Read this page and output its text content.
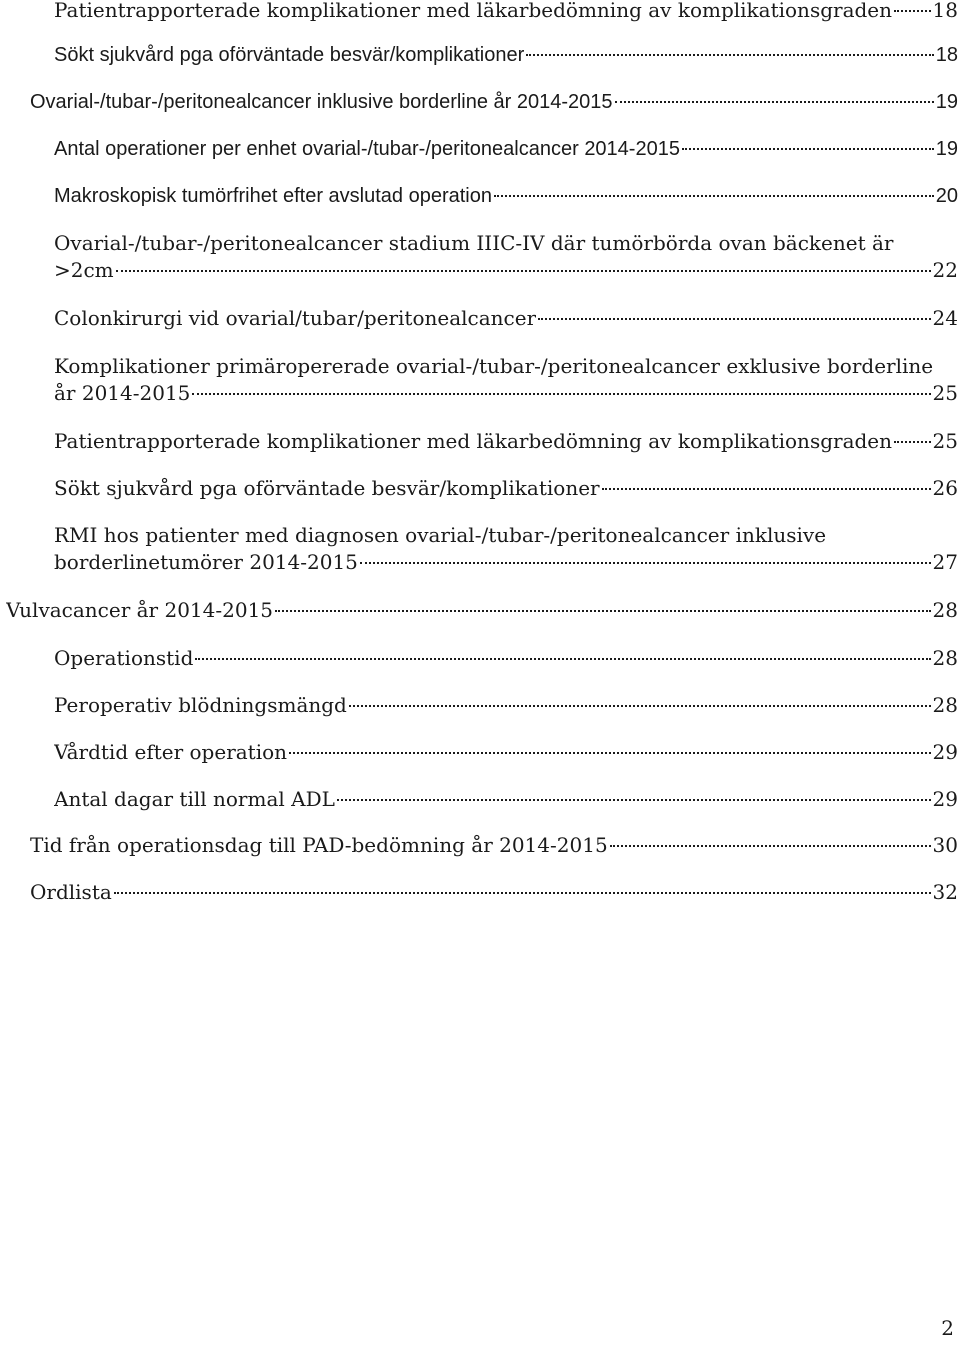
Patientrapporterade komplikationer med läkarbedömning av komplikationsgraden 18
Sökt sjukvård pga oförväntade besvär/komplikationer	18
Ovarial-/tubar-/peritonealcancer inklusive borderline år 2014-2015	19
Antal operationer per enhet ovarial-/tubar-/peritonealcancer 2014-2015	19
Makroskopisk tumörfrihet efter avslutad operation	20
Ovarial-/tubar-/peritonealcancer stadium IIIC-IV där tumörbörda ovan bäckenet är
>2cm	22
Colonkirurgi vid ovarial/tubar/peritonealcancer	24
Komplikationer primäropererade ovarial-/tubar-/peritonealcancer exklusive borderline
år 2014-2015	25
Patientrapporterade komplikationer med läkarbedömning av komplikationsgraden 25
Sökt sjukvård pga oförväntade besvär/komplikationer	26
RMI hos patienter med diagnosen ovarial-/tubar-/peritonealcancer inklusive
borderlinetumörer 2014-2015	27
Vulvacancer år 2014-2015	28
Operationstid	28
Peroperativ blödningsmängd	28
Vårdtid efter operation	29
Antal dagar till normal ADL	29
Tid från operationsdag till PAD-bedömning år 2014-2015	30
Ordlista	32
2
